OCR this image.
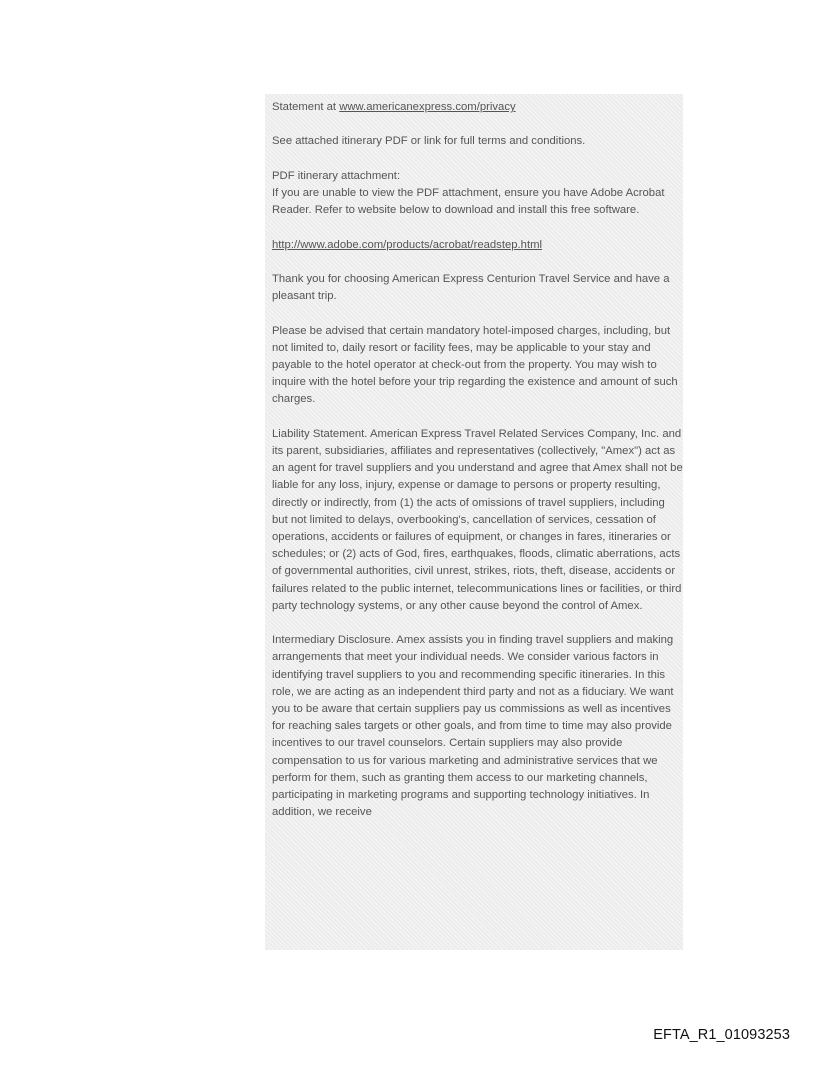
Statement at www.americanexpress.com/privacy

See attached itinerary PDF or link for full terms and conditions.

PDF itinerary attachment:
If you are unable to view the PDF attachment, ensure you have Adobe Acrobat Reader. Refer to website below to download and install this free software.

http://www.adobe.com/products/acrobat/readstep.html

Thank you for choosing American Express Centurion Travel Service and have a pleasant trip.

Please be advised that certain mandatory hotel-imposed charges, including, but not limited to, daily resort or facility fees, may be applicable to your stay and payable to the hotel operator at check-out from the property. You may wish to inquire with the hotel before your trip regarding the existence and amount of such charges.

Liability Statement. American Express Travel Related Services Company, Inc. and its parent, subsidiaries, affiliates and representatives (collectively, "Amex") act as an agent for travel suppliers and you understand and agree that Amex shall not be liable for any loss, injury, expense or damage to persons or property resulting, directly or indirectly, from (1) the acts of omissions of travel suppliers, including but not limited to delays, overbooking's, cancellation of services, cessation of operations, accidents or failures of equipment, or changes in fares, itineraries or schedules; or (2) acts of God, fires, earthquakes, floods, climatic aberrations, acts of governmental authorities, civil unrest, strikes, riots, theft, disease, accidents or failures related to the public internet, telecommunications lines or facilities, or third party technology systems, or any other cause beyond the control of Amex.

Intermediary Disclosure. Amex assists you in finding travel suppliers and making arrangements that meet your individual needs. We consider various factors in identifying travel suppliers to you and recommending specific itineraries. In this role, we are acting as an independent third party and not as a fiduciary. We want you to be aware that certain suppliers pay us commissions as well as incentives for reaching sales targets or other goals, and from time to time may also provide incentives to our travel counselors. Certain suppliers may also provide compensation to us for various marketing and administrative services that we perform for them, such as granting them access to our marketing channels, participating in marketing programs and supporting technology initiatives. In addition, we receive

EFTA_R1_01093253
